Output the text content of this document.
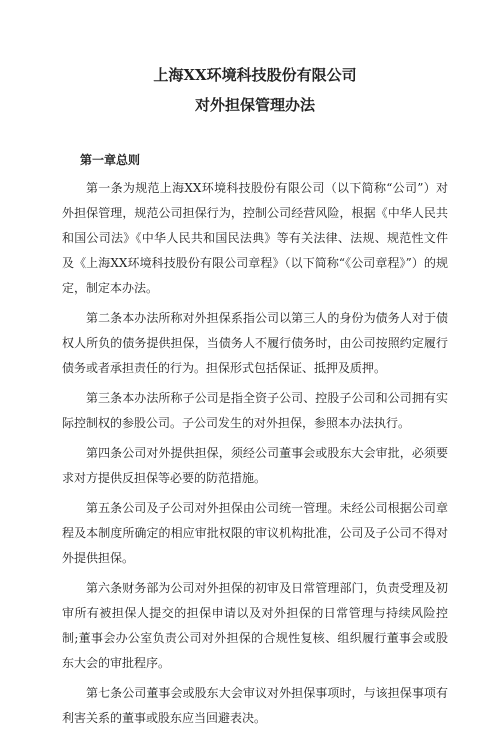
上海XX环境科技股份有限公司
对外担保管理办法
第一章总则

第一条为规范上海XX环境科技股份有限公司（以下简称“公司”）对外担保管理，规范公司担保行为，控制公司经营风险，根据《中华人民共和国公司法》《中华人民共和国民法典》等有关法律、法规、规范性文件及《上海XX环境科技股份有限公司章程》（以下简称“《公司章程》”）的规定，制定本办法。

第二条本办法所称对外担保系指公司以第三人的身份为债务人对于债权人所负的债务提供担保，当债务人不履行债务时，由公司按照约定履行债务或者承担责任的行为。担保形式包括保证、抵押及质押。

第三条本办法所称子公司是指全资子公司、控股子公司和公司拥有实际控制权的参股公司。子公司发生的对外担保，参照本办法执行。

第四条公司对外提供担保，须经公司董事会或股东大会审批，必须要求对方提供反担保等必要的防范措施。

第五条公司及子公司对外担保由公司统一管理。未经公司根据公司章程及本制度所确定的相应审批权限的审议机构批准，公司及子公司不得对外提供担保。

第六条财务部为公司对外担保的初审及日常管理部门，负责受理及初审所有被担保人提交的担保申请以及对外担保的日常管理与持续风险控制;董事会办公室负责公司对外担保的合规性复核、组织履行董事会或股东大会的审批程序。

第七条公司董事会或股东大会审议对外担保事项时，与该担保事项有利害关系的董事或股东应当回避表决。
